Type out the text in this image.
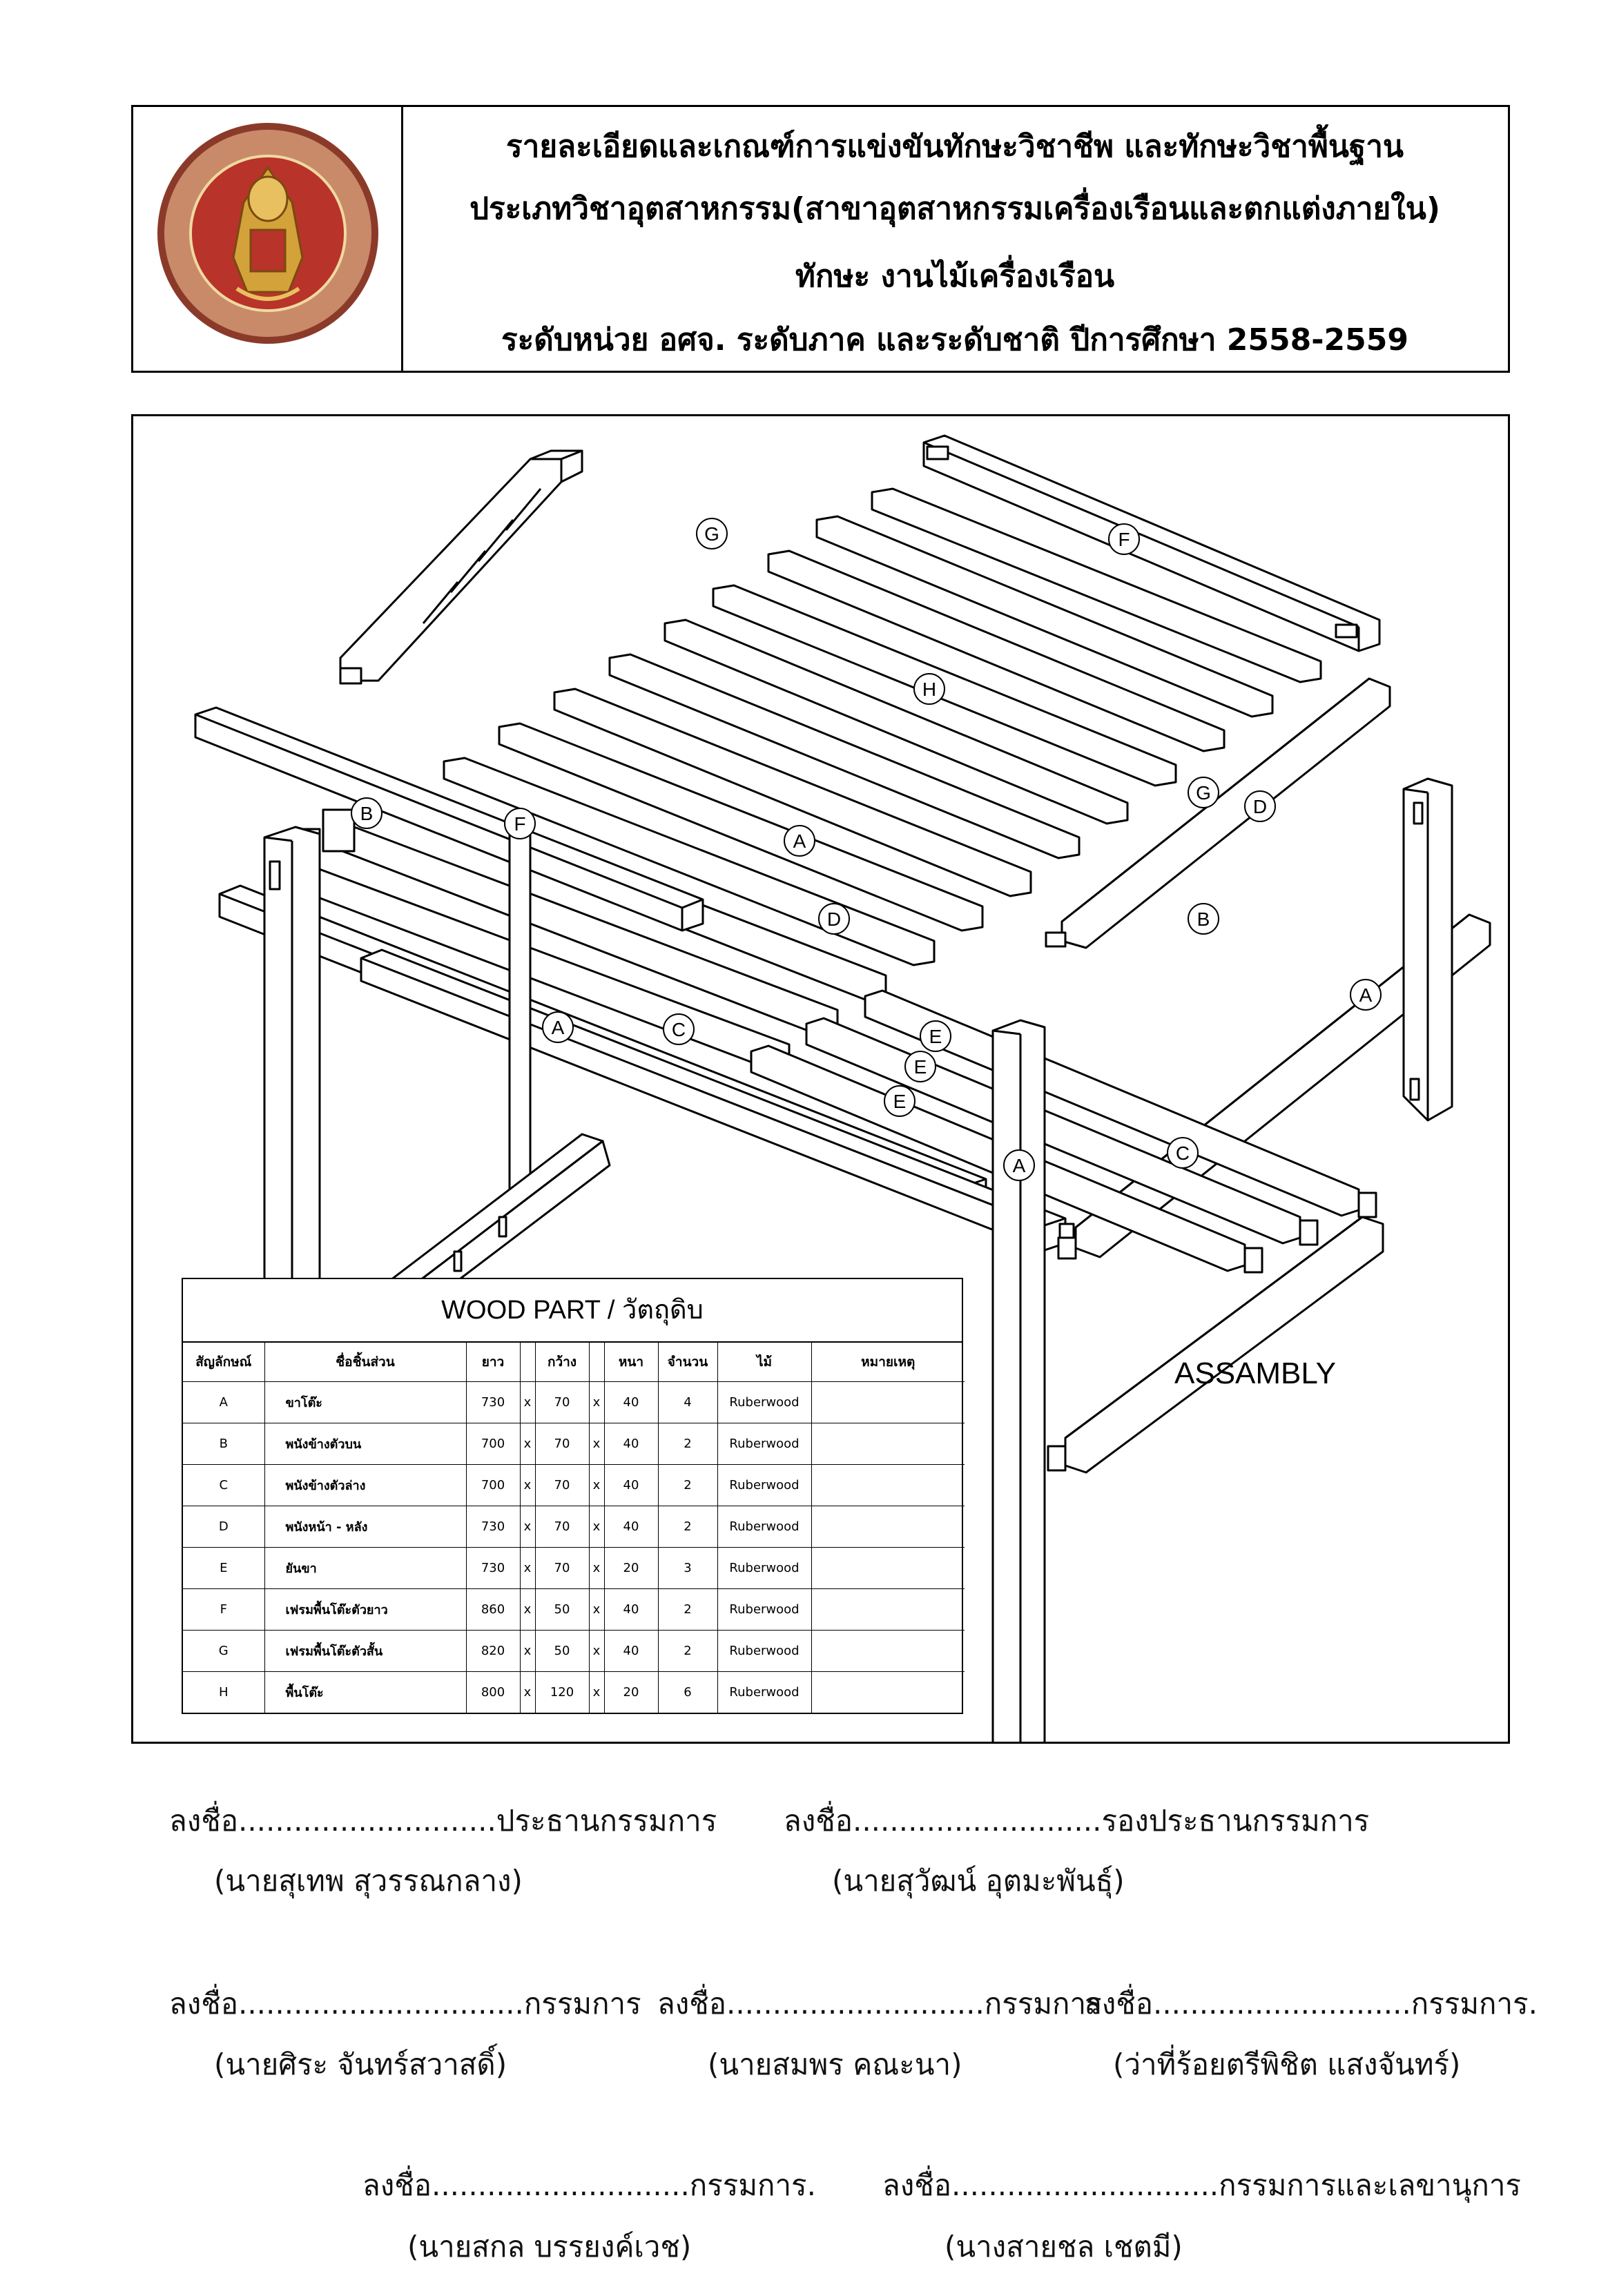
รายละเอียดและเกณฑ์การแข่งขันทักษะวิชาชีพ และทักษะวิชาพื้นฐาน
ประเภทวิชาอุตสาหกรรม(สาขาอุตสาหกรรมเครื่องเรือนและตกแต่งภายใน)
ทักษะ งานไม้เครื่องเรือน
ระดับหน่วย อศจ. ระดับภาค และระดับชาติ ปีการศึกษา 2558-2559
G	F
H
G
D
B	F
A
D	B
A
A
C	E
E
E
A
C
WOOD PART / วัตถุดิบ
สัญลักษณ์	ชื่อชิ้นส่วน	ยาว		กว้าง		หนา	จำนวน	ไม้	หมายเหตุ
A	ขาโต๊ะ	730	x	70	x	40	4	Ruberwood	
B	พนังข้างตัวบน	700	x	70	x	40	2	Ruberwood	
C	พนังข้างตัวล่าง	700	x	70	x	40	2	Ruberwood	
D	พนังหน้า - หลัง	730	x	70	x	40	2	Ruberwood	
E	ยันขา	730	x	70	x	20	3	Ruberwood	
F	เฟรมพื้นโต๊ะตัวยาว	860	x	50	x	40	2	Ruberwood	
G	เฟรมพื้นโต๊ะตัวสั้น	820	x	50	x	40	2	Ruberwood	
H	พื้นโต๊ะ	800	x	120	x	20	6	Ruberwood	
ASSAMBLY
ลงชื่อ............................ประธานกรรมการ
(นายสุเทพ สุวรรณกลาง)
ลงชื่อ...........................รองประธานกรรมการ
(นายสุวัฒน์ อุตมะพันธุ์)
ลงชื่อ...............................กรรมการ
(นายศิระ จันทร์สวาสดิ์)
ลงชื่อ............................กรรมการ
(นายสมพร คณะนา)
ลงชื่อ............................กรรมการ.
(ว่าที่ร้อยตรีพิชิต แสงจันทร์)
ลงชื่อ............................กรรมการ.
(นายสกล บรรยงค์เวช)
ลงชื่อ.............................กรรมการและเลขานุการ
(นางสายชล เชตมี)
